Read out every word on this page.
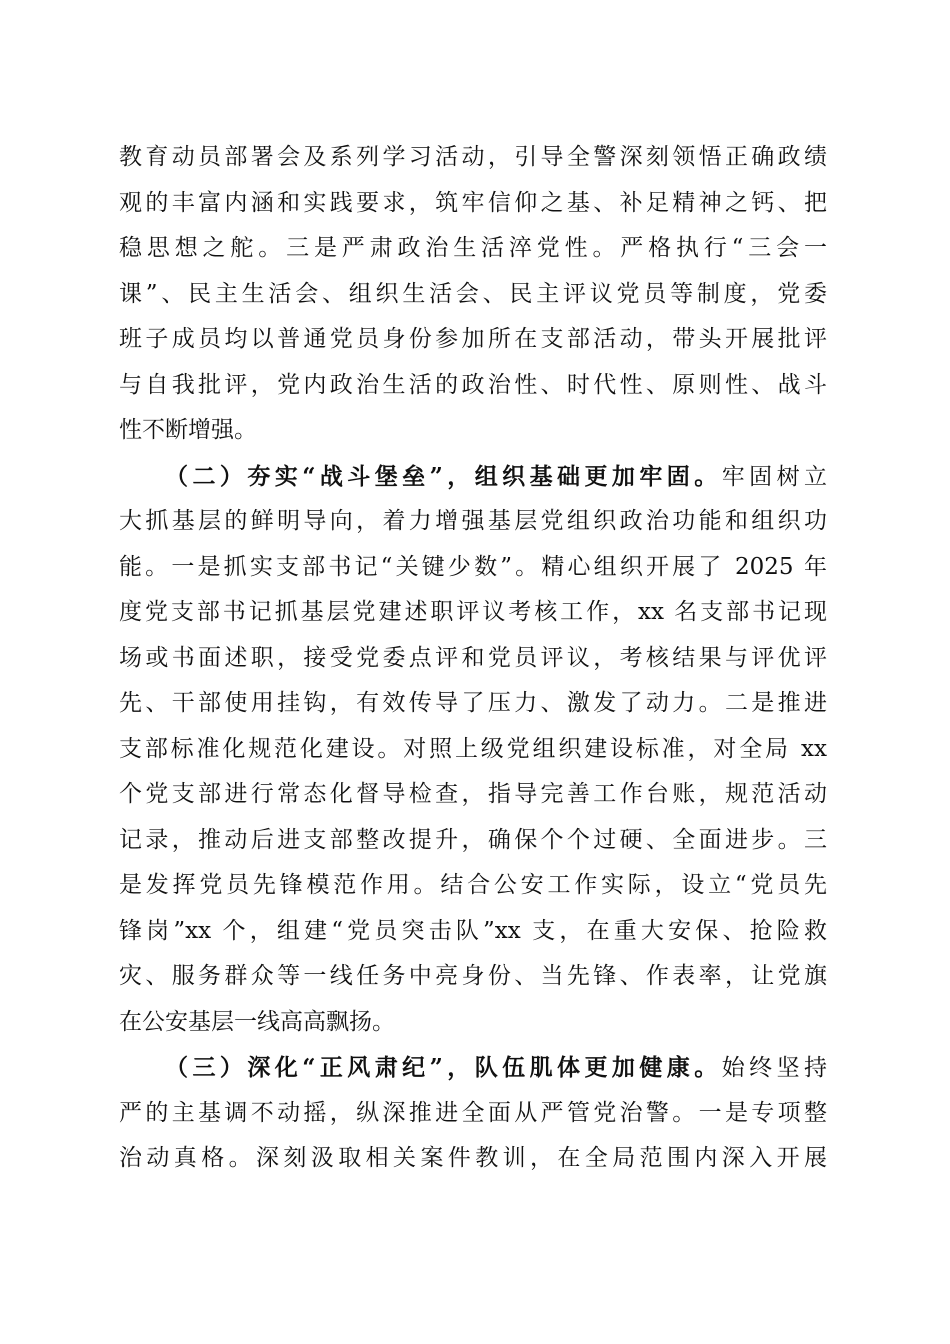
教育动员部署会及系列学习活动，引导全警深刻领悟正确政绩
观的丰富内涵和实践要求，筑牢信仰之基、补足精神之钙、把
稳思想之舵。三是严肃政治生活淬党性。严格执行“三会一
课”、民主生活会、组织生活会、民主评议党员等制度，党委
班子成员均以普通党员身份参加所在支部活动，带头开展批评
与自我批评，党内政治生活的政治性、时代性、原则性、战斗
性不断增强。
（二）夯实“战斗堡垒”，组织基础更加牢固。牢固树立
大抓基层的鲜明导向，着力增强基层党组织政治功能和组织功
能。一是抓实支部书记“关键少数”。精心组织开展了 2025 年
度党支部书记抓基层党建述职评议考核工作，xx 名支部书记现
场或书面述职，接受党委点评和党员评议，考核结果与评优评
先、干部使用挂钩，有效传导了压力、激发了动力。二是推进
支部标准化规范化建设。对照上级党组织建设标准，对全局 xx
个党支部进行常态化督导检查，指导完善工作台账，规范活动
记录，推动后进支部整改提升，确保个个过硬、全面进步。三
是发挥党员先锋模范作用。结合公安工作实际，设立“党员先
锋岗”xx 个，组建“党员突击队”xx 支，在重大安保、抢险救
灾、服务群众等一线任务中亮身份、当先锋、作表率，让党旗
在公安基层一线高高飘扬。
（三）深化“正风肃纪”，队伍肌体更加健康。始终坚持
严的主基调不动摇，纵深推进全面从严管党治警。一是专项整
治动真格。深刻汲取相关案件教训，在全局范围内深入开展
